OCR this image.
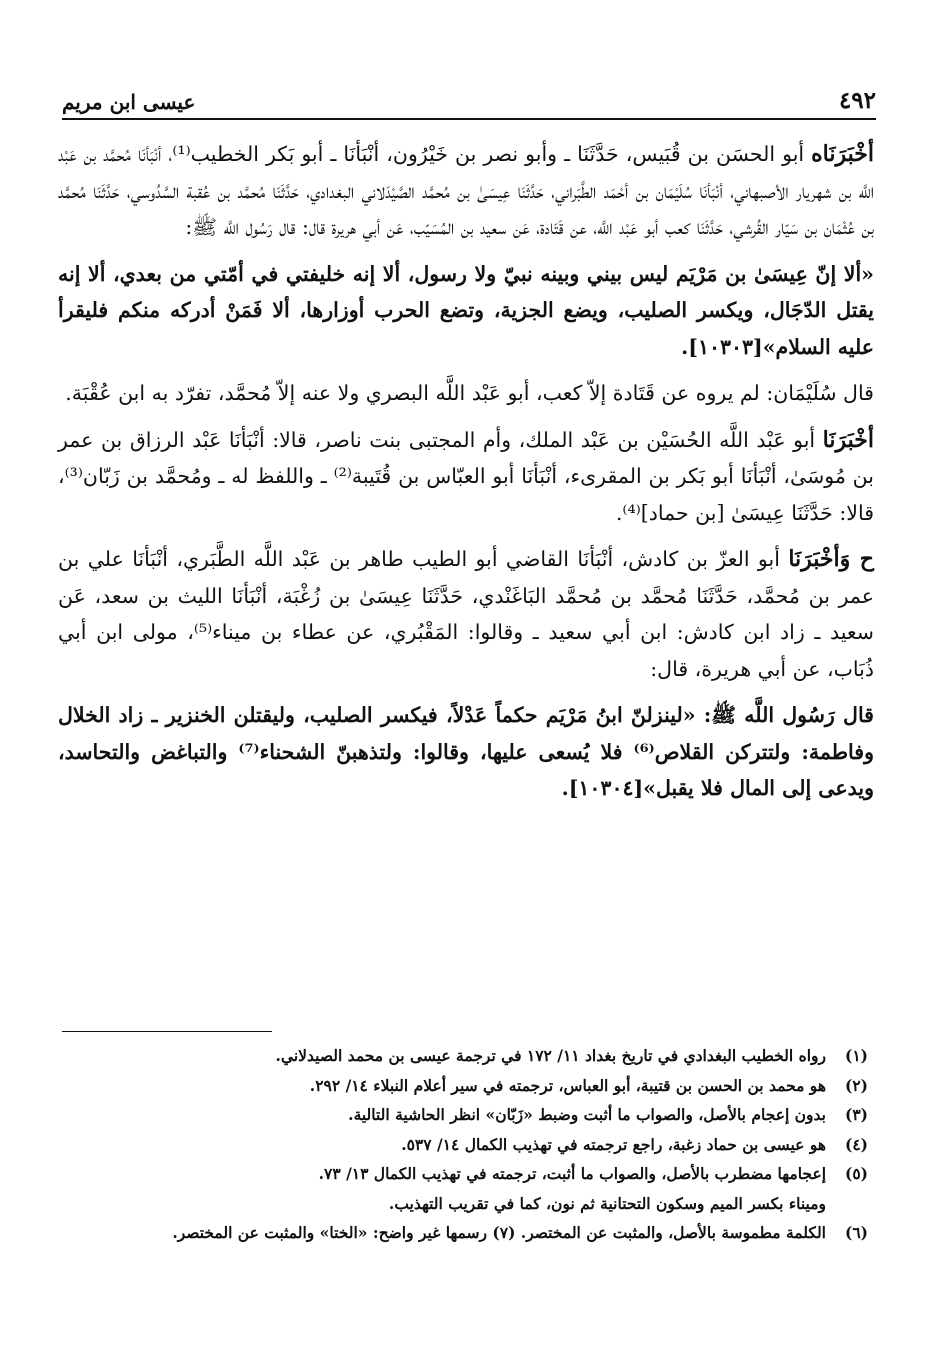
٤٩٢
عيسى ابن مريم

أخْبَرَنَاه أبو الحسَن بن قُبَيس، حَدَّثَنَا ـ وأبو نصر بن خَيْرُون، أنْبَأنَا ـ أبو بَكر الخطيب⁽¹⁾، أنْبَأنَا مُحمَّد بن عَبْد اللَّه بن شهريار الأصبهاني، أنْبَأنَا سُلَيْمَان بن أحْمَد الطَّبَراني، حَدَّثَنَا عِيسَىٰ بن مُحمَّد الصَّيْدَلاني البغدادي، حَدَّثَنَا مُحمَّد بن عُقبة السَّدُوسي، حَدَّثَنَا مُحمَّد بن عُثْمَان بن سَيّار القُرشي، حَدَّثَنَا كعب أبو عَبْد اللَّه، عن قَتَادة، عَن سعيد بن المُسَيّب، عَن أبي هريرة قال: قال رَسُول اللَّه ﷺ:

«ألا إنّ عِيسَىٰ بن مَرْيَم ليس بيني وبينه نبيّ ولا رسول، ألا إنه خليفتي في أمّتي من بعدي، ألا إنه يقتل الدّجَال، ويكسر الصليب، ويضع الجزية، وتضع الحرب أوزارها، ألا فَمَنْ أدركه منكم فليقرأ عليه السلام»[١٠٣٠٣].

قال سُلَيْمَان: لم يروه عن قَتَادة إلاّ كعب، أبو عَبْد اللَّه البصري ولا عنه إلاّ مُحمَّد، تفرّد به ابن عُقْبَة.

أخْبَرَنَا أبو عَبْد اللَّه الحُسَيْن بن عَبْد الملك، وأم المجتبى بنت ناصر، قالا: أنْبَأنَا عَبْد الرزاق بن عمر بن مُوسَىٰ، أنْبَأنَا أبو بَكر بن المقرىء، أنْبَأنَا أبو العبّاس بن قُتَيبة⁽²⁾ ـ واللفظ له ـ ومُحمَّد بن زَبّان⁽³⁾، قالا: حَدَّثَنَا عِيسَىٰ [بن حماد]⁽⁴⁾.

ح وَأخْبَرَنَا أبو العزّ بن كادش، أنْبَأنَا القاضي أبو الطيب طاهر بن عَبْد اللَّه الطَّبَري، أنْبَأنَا علي بن عمر بن مُحمَّد، حَدَّثَنَا مُحمَّد بن مُحمَّد البَاغَنْدي، حَدَّثَنَا عِيسَىٰ بن زُغْبَة، أنْبَأنَا الليث بن سعد، عَن سعيد ـ زاد ابن كادش: ابن أبي سعيد ـ وقالوا: المَقْبُري، عن عطاء بن ميناء⁽⁵⁾، مولى ابن أبي ذُبَاب، عن أبي هريرة، قال:

قال رَسُول اللَّه ﷺ: «لينزلنّ ابنُ مَرْيَم حكماً عَدْلاً، فيكسر الصليب، وليقتلن الخنزير ـ زاد الخلال وفاطمة: ولتتركن القلاص⁽⁶⁾ فلا يُسعى عليها، وقالوا: ولتذهبنّ الشحناء⁽⁷⁾ والتباغض والتحاسد، ويدعى إلى المال فلا يقبل»[١٠٣٠٤].

(١)
رواه الخطيب البغدادي في تاريخ بغداد ١١/ ١٧٢ في ترجمة عيسى بن محمد الصيدلاني.
(٢)
هو محمد بن الحسن بن قتيبة، أبو العباس، ترجمته في سير أعلام النبلاء ١٤/ ٢٩٢.
(٣)
بدون إعجام بالأصل، والصواب ما أثبت وضبط «زَبّان» انظر الحاشية التالية.
(٤)
هو عيسى بن حماد زغبة، راجع ترجمته في تهذيب الكمال ١٤/ ٥٣٧.
(٥)
إعجامها مضطرب بالأصل، والصواب ما أثبت، ترجمته في تهذيب الكمال ١٣/ ٧٣.
وميناء بكسر الميم وسكون التحتانية ثم نون، كما في تقريب التهذيب.
(٦)
الكلمة مطموسة بالأصل، والمثبت عن المختصر. (٧) رسمها غير واضح: «الختا» والمثبت عن المختصر.
